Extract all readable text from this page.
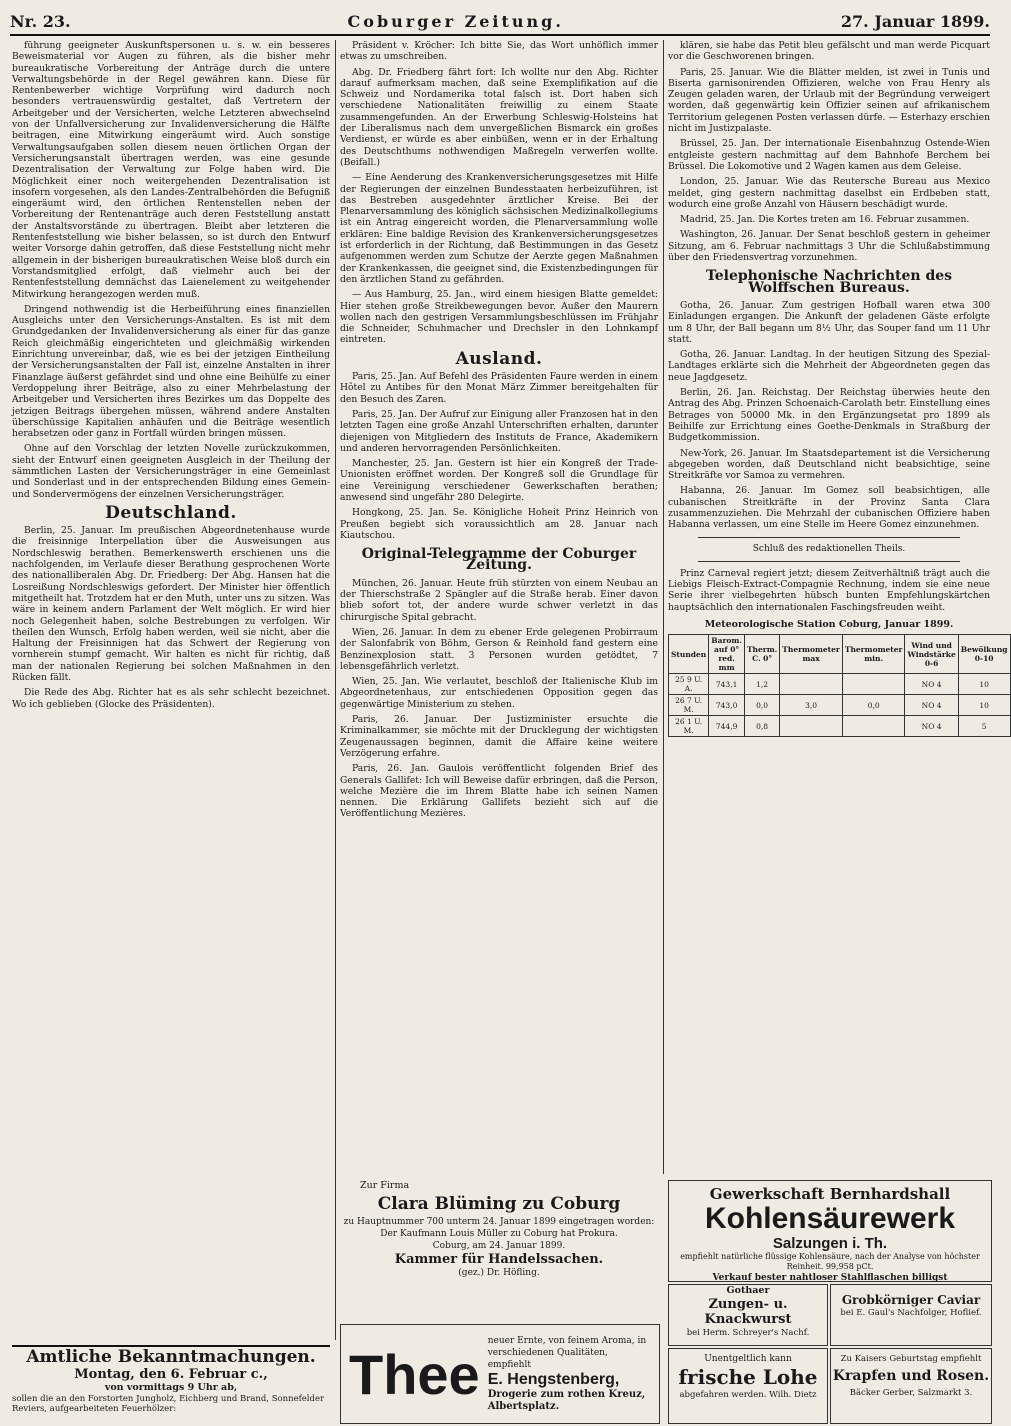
Nr. 23.	Coburger Zeitung.	27. Januar 1899.

führung geeigneter Auskunftspersonen u. s. w. ein besseres Beweismaterial vor Augen zu führen, als die bisher mehr bureaukratische Vorbereitung der Anträge durch die untere Verwaltungsbehörde in der Regel gewähren kann. Diese für Rentenbewerber wichtige Vorprüfung wird dadurch noch besonders vertrauenswürdig gestaltet, daß Vertretern der Arbeitgeber und der Versicherten, welche Letzteren abwechselnd von der Unfallversicherung zur Invalidenversicherung die Hälfte beitragen, eine Mitwirkung eingeräumt wird. Auch sonstige Verwaltungsaufgaben sollen diesem neuen örtlichen Organ der Versicherungsanstalt übertragen werden, was eine gesunde Dezentralisation der Verwaltung zur Folge haben wird. Die Möglichkeit einer noch weitergehenden Dezentralisation ist insofern vorgesehen, als den Landes-Zentralbehörden die Befugniß eingeräumt wird, den örtlichen Rentenstellen neben der Vorbereitung der Rentenanträge auch deren Feststellung anstatt der Anstaltsvorstände zu übertragen. Bleibt aber letzteren die Rentenfeststellung wie bisher belassen, so ist durch den Entwurf weiter Vorsorge dahin getroffen, daß diese Feststellung nicht mehr allgemein in der bisherigen bureaukratischen Weise bloß durch ein Vorstandsmitglied erfolgt, daß vielmehr auch bei der Rentenfeststellung demnächst das Laienelement zu weitgehender Mitwirkung herangezogen werden muß.

Dringend nothwendig ist die Herbeiführung eines finanziellen Ausgleichs unter den Versicherungs-Anstalten. Es ist mit dem Grundgedanken der Invalidenversicherung als einer für das ganze Reich gleichmäßig eingerichteten und gleichmäßig wirkenden Einrichtung unvereinbar, daß, wie es bei der jetzigen Eintheilung der Versicherungsanstalten der Fall ist, einzelne Anstalten in ihrer Finanzlage äußerst gefährdet sind und ohne eine Beihülfe zu einer Verdoppelung ihrer Beiträge, also zu einer Mehrbelastung der Arbeitgeber und Versicherten ihres Bezirkes um das Doppelte des jetzigen Beitrags übergehen müssen, während andere Anstalten überschüssige Kapitalien anhäufen und die Beiträge wesentlich herabsetzen oder ganz in Fortfall würden bringen müssen.

Ohne auf den Vorschlag der letzten Novelle zurückzukommen, sieht der Entwurf einen geeigneten Ausgleich in der Theilung der sämmtlichen Lasten der Versicherungsträger in eine Gemeinlast und Sonderlast und in der entsprechenden Bildung eines Gemein- und Sondervermögens der einzelnen Versicherungsträger.

Deutschland.

Berlin, 25. Januar. Im preußischen Abgeordnetenhause wurde die freisinnige Interpellation über die Ausweisungen aus Nordschleswig berathen. Bemerkenswerth erschienen uns die nachfolgenden, im Verlaufe dieser Berathung gesprochenen Worte des nationalliberalen Abg. Dr. Friedberg: Der Abg. Hansen hat die Losreißung Nordschleswigs gefordert. Der Minister hier öffentlich mitgetheilt hat. Trotzdem hat er den Muth, unter uns zu sitzen. Was wäre in keinem andern Parlament der Welt möglich. Er wird hier noch Gelegenheit haben, solche Bestrebungen zu verfolgen. Wir theilen den Wunsch, Erfolg haben werden, weil sie nicht, aber die Haltung der Freisinnigen hat das Schwert der Regierung von vornherein stumpf gemacht. Wir halten es nicht für richtig, daß man der nationalen Regierung bei solchen Maßnahmen in den Rücken fällt.

Die Rede des Abg. Richter hat es als sehr schlecht bezeichnet. Wo ich geblieben (Glocke des Präsidenten).

Präsident v. Kröcher: Ich bitte Sie, das Wort unhöflich immer etwas zu umschreiben.

Abg. Dr. Friedberg fährt fort: Ich wollte nur den Abg. Richter darauf aufmerksam machen, daß seine Exemplifikation auf die Schweiz und Nordamerika total falsch ist. Dort haben sich verschiedene Nationalitäten freiwillig zu einem Staate zusammengefunden. An der Erwerbung Schleswig-Holsteins hat der Liberalismus nach dem unvergeßlichen Bismarck ein großes Verdienst, er würde es aber einbüßen, wenn er in der Erhaltung des Deutschthums nothwendigen Maßregeln verwerfen wollte. (Beifall.)

— Eine Aenderung des Krankenversicherungsgesetzes mit Hilfe der Regierungen der einzelnen Bundesstaaten herbeizuführen, ist das Bestreben ausgedehnter ärztlicher Kreise. Bei der Plenarversammlung des königlich sächsischen Medizinalkollegiums ist ein Antrag eingereicht worden, die Plenarversammlung wolle erklären: Eine baldige Revision des Krankenversicherungsgesetzes ist erforderlich in der Richtung, daß Bestimmungen in das Gesetz aufgenommen werden zum Schutze der Aerzte gegen Maßnahmen der Krankenkassen, die geeignet sind, die Existenzbedingungen für den ärztlichen Stand zu gefährden.

— Aus Hamburg, 25. Jan., wird einem hiesigen Blatte gemeldet: Hier stehen große Streikbewegungen bevor. Außer den Maurern wollen nach den gestrigen Versammlungsbeschlüssen im Frühjahr die Schneider, Schuhmacher und Drechsler in den Lohnkampf eintreten.

Ausland.

Paris, 25. Jan. Auf Befehl des Präsidenten Faure werden in einem Hôtel zu Antibes für den Monat März Zimmer bereitgehalten für den Besuch des Zaren.

Paris, 25. Jan. Der Aufruf zur Einigung aller Franzosen hat in den letzten Tagen eine große Anzahl Unterschriften erhalten, darunter diejenigen von Mitgliedern des Instituts de France, Akademikern und anderen hervorragenden Persönlichkeiten.

Manchester, 25. Jan. Gestern ist hier ein Kongreß der Trade-Unionisten eröffnet worden. Der Kongreß soll die Grundlage für eine Vereinigung verschiedener Gewerkschaften berathen; anwesend sind ungefähr 280 Delegirte.

Hongkong, 25. Jan. Se. Königliche Hoheit Prinz Heinrich von Preußen begiebt sich voraussichtlich am 28. Januar nach Kiautschou.

Original-Telegramme der Coburger Zeitung.

München, 26. Januar. Heute früh stürzten von einem Neubau an der Thierschstraße 2 Spängler auf die Straße herab. Einer davon blieb sofort tot, der andere wurde schwer verletzt in das chirurgische Spital gebracht.

Wien, 26. Januar. In dem zu ebener Erde gelegenen Probirraum der Salonfabrik von Böhm, Gerson & Reinhold fand gestern eine Benzinexplosion statt. 3 Personen wurden getödtet, 7 lebensgefährlich verletzt.

Wien, 25. Jan. Wie verlautet, beschloß der Italienische Klub im Abgeordnetenhaus, zur entschiedenen Opposition gegen das gegenwärtige Ministerium zu stehen.

Paris, 26. Januar. Der Justizminister ersuchte die Kriminalkammer, sie möchte mit der Drucklegung der wichtigsten Zeugenaussagen beginnen, damit die Affaire keine weitere Verzögerung erfahre.

Paris, 26. Jan. Gaulois veröffentlicht folgenden Brief des Generals Gallifet: Ich will Beweise dafür erbringen, daß die Person, welche Mezière die im Ihrem Blatte habe ich seinen Namen nennen. Die Erklärung Gallifets bezieht sich auf die Veröffentlichung Mezières.

klären, sie habe das Petit bleu gefälscht und man werde Picquart vor die Geschworenen bringen.

Paris, 25. Januar. Wie die Blätter melden, ist zwei in Tunis und Biserta garnisonirenden Offizieren, welche von Frau Henry als Zeugen geladen waren, der Urlaub mit der Begründung verweigert worden, daß gegenwärtig kein Offizier seinen auf afrikanischem Territorium gelegenen Posten verlassen dürfe. — Esterhazy erschien nicht im Justizpalaste.

Brüssel, 25. Jan. Der internationale Eisenbahnzug Ostende-Wien entgleiste gestern nachmittag auf dem Bahnhofe Berchem bei Brüssel. Die Lokomotive und 2 Wagen kamen aus dem Geleise.

London, 25. Januar. Wie das Reutersche Bureau aus Mexico meldet, ging gestern nachmittag daselbst ein Erdbeben statt, wodurch eine große Anzahl von Häusern beschädigt wurde.

Madrid, 25. Jan. Die Kortes treten am 16. Februar zusammen.

Washington, 26. Januar. Der Senat beschloß gestern in geheimer Sitzung, am 6. Februar nachmittags 3 Uhr die Schlußabstimmung über den Friedensvertrag vorzunehmen.

Telephonische Nachrichten des Wolffschen Bureaus.

Gotha, 26. Januar. Zum gestrigen Hofball waren etwa 300 Einladungen ergangen. Die Ankunft der geladenen Gäste erfolgte um 8 Uhr, der Ball begann um 8½ Uhr, das Souper fand um 11 Uhr statt.

Gotha, 26. Januar. Landtag. In der heutigen Sitzung des Spezial-Landtages erklärte sich die Mehrheit der Abgeordneten gegen das neue Jagdgesetz.

Berlin, 26. Jan. Reichstag. Der Reichstag überwies heute den Antrag des Abg. Prinzen Schoenaich-Carolath betr. Einstellung eines Betrages von 50000 Mk. in den Ergänzungsetat pro 1899 als Beihilfe zur Errichtung eines Goethe-Denkmals in Straßburg der Budgetkommission.

New-York, 26. Januar. Im Staatsdepartement ist die Versicherung abgegeben worden, daß Deutschland nicht beabsichtige, seine Streitkräfte vor Samoa zu vermehren.

Habanna, 26. Januar. Im Gomez soll beabsichtigen, alle cubanischen Streitkräfte in der Provinz Santa Clara zusammenzuziehen. Die Mehrzahl der cubanischen Offiziere haben Habanna verlassen, um eine Stelle im Heere Gomez einzunehmen.

Schluß des redaktionellen Theils.

Prinz Carneval regiert jetzt; diesem Zeitverhältniß trägt auch die Liebigs Fleisch-Extract-Compagnie Rechnung, indem sie eine neue Serie ihrer vielbegehrten hübsch bunten Empfehlungskärtchen hauptsächlich den internationalen Faschingsfreuden weiht.

Meteorologische Station Coburg, Januar 1899.
Stunden	Barom. auf 0° red. mm	Therm. C. 0°	Thermometer max	Thermometer min.	Wind und Windstärke 0-6	Bewölkung 0-10
25 9 U. A.	743,1	1,2			NO 4	10
26 7 U. M.	743,0	0,0	3,0	0,0	NO 4	10
26 1 U. M.	744,9	0,8			NO 4	5
Amtliche Bekanntmachungen.
Montag, den 6. Februar c.,
von vormittags 9 Uhr ab,
sollen die an den Forstorten Jungholz, Eichberg und Brand, Sonnefelder Reviers, aufgearbeiteten Feuerhölzer:
Zur Firma
Clara Blüming zu Coburg
zu Hauptnummer 700 unterm 24. Januar 1899 eingetragen worden:
Der Kaufmann Louis Müller zu Coburg hat Prokura.
Coburg, am 24. Januar 1899.
Kammer für Handelssachen.
(gez.) Dr. Höfling.
Thee
neuer Ernte, von feinem Aroma, in verschiedenen Qualitäten, empfiehlt
E. Hengstenberg,
Drogerie zum rothen Kreuz, Albertsplatz.
Gewerkschaft Bernhardshall
Kohlensäurewerk
Salzungen i. Th.
empfiehlt natürliche flüssige Kohlensäure, nach der Analyse von höchster Reinheit. 99,958 pCt.
Verkauf bester nahtloser Stahlflaschen billigst
Gothaer
Zungen- u. Knackwurst
bei Herm. Schreyer's Nachf.
Grobkörniger Caviar
bei E. Gaul's Nachfolger, Hoflief.
Unentgeltlich kann
frische Lohe
abgefahren werden. Wilh. Dietz
Zu Kaisers Geburtstag empfiehlt
Krapfen und Rosen.
Bäcker Gerber, Salzmarkt 3.
